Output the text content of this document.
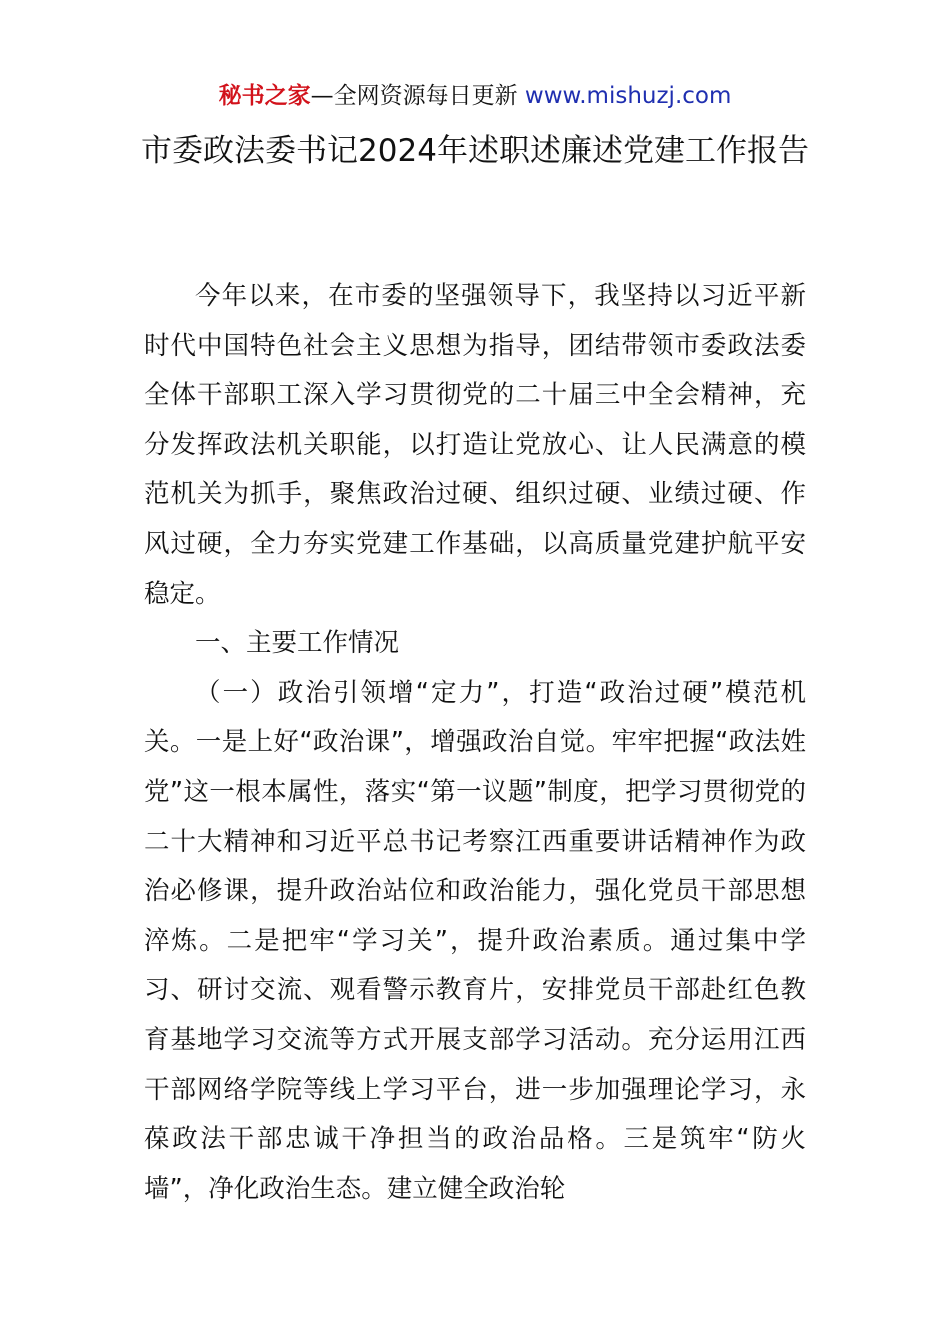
秘书之家—全网资源每日更新 www.mishuzj.com
市委政法委书记2024年述职述廉述党建工作报告

今年以来，在市委的坚强领导下，我坚持以习近平新时代中国特色社会主义思想为指导，团结带领市委政法委全体干部职工深入学习贯彻党的二十届三中全会精神，充分发挥政法机关职能，以打造让党放心、让人民满意的模范机关为抓手，聚焦政治过硬、组织过硬、业绩过硬、作风过硬，全力夯实党建工作基础，以高质量党建护航平安稳定。

一、主要工作情况

（一）政治引领增“定力”，打造“政治过硬”模范机关。一是上好“政治课”，增强政治自觉。牢牢把握“政法姓党”这一根本属性，落实“第一议题”制度，把学习贯彻党的二十大精神和习近平总书记考察江西重要讲话精神作为政治必修课，提升政治站位和政治能力，强化党员干部思想淬炼。二是把牢“学习关”，提升政治素质。通过集中学习、研讨交流、观看警示教育片，安排党员干部赴红色教育基地学习交流等方式开展支部学习活动。充分运用江西干部网络学院等线上学习平台，进一步加强理论学习，永葆政法干部忠诚干净担当的政治品格。三是筑牢“防火墙”，净化政治生态。建立健全政治轮
